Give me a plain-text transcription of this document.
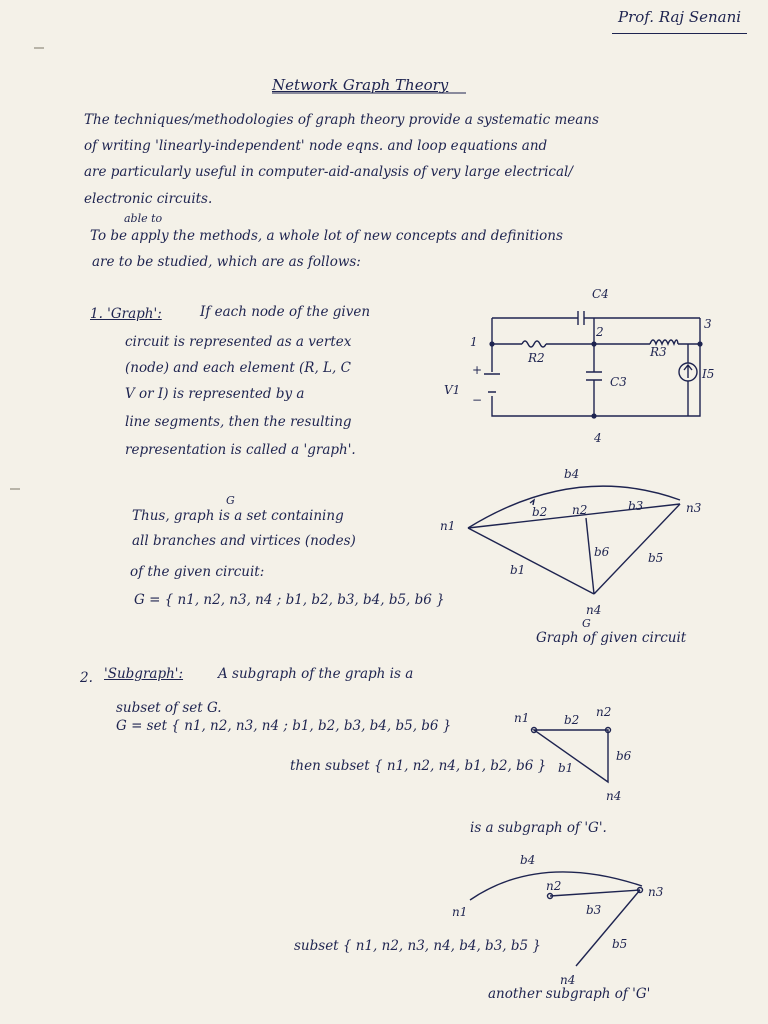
Prof. Raj Senani
Network Graph Theory
The techniques/methodologies of graph theory provide a systematic means
of writing 'linearly-independent' node eqns. and loop equations and
are particularly useful in computer-aid-analysis of very large electrical/
electronic circuits.
able to
To be apply the methods, a whole lot of new concepts and definitions
are to be studied, which are as follows:
1. 'Graph':	If each node of the given
circuit is represented as a vertex
(node) and each element (R, L, C
V or I) is represented by a
line segments, then the resulting
representation is called a 'graph'.
G
Thus, graph is a set containing
all branches and virtices (nodes)
of the given circuit:
G = { n1, n2, n3, n4 ; b1, b2, b3, b4, b5, b6 }
G
Graph of given circuit
2. 'Subgraph':	A subgraph of the graph is a
subset of set G.
G = set { n1, n2, n3, n4 ; b1, b2, b3, b4, b5, b6 }
then subset { n1, n2, n4, b1, b2, b6 }
is a subgraph of 'G'.
subset { n1, n2, n3, n4, b4, b3, b5 }
another subgraph of 'G'
C4
2
3
1
R2	R3
I5
V1
C3
4
+
−
n1
n2	n3
n4
b1
b2	b3
b4
b5
b6
n1	b2
n2
b6
b1
n4
b4
n2	n3
n1	b3
b5
n4
